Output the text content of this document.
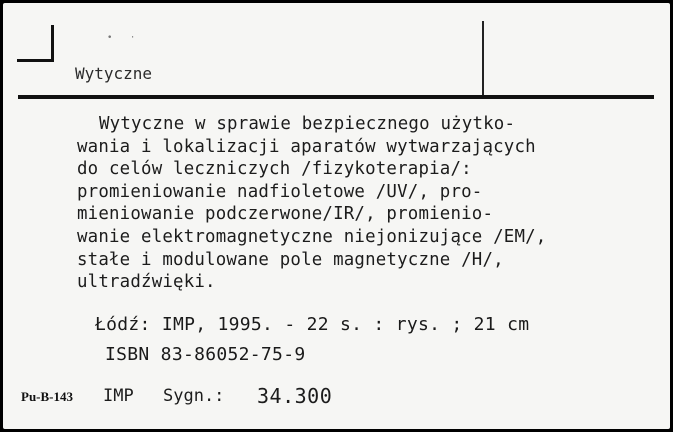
• ·
Wytyczne
Wytyczne w sprawie bezpiecznego użytko-
wania i lokalizacji aparatów wytwarzających
do celów leczniczych /fizykoterapia/:
promieniowanie nadfioletowe /UV/, pro-
mieniowanie podczerwone/IR/, promienio-
wanie elektromagnetyczne niejonizujące /EM/,
stałe i modulowane pole magnetyczne /H/,
ultradźwięki.
Łódź: IMP, 1995. - 22 s. : rys. ; 21 cm
ISBN 83-86052-75-9
Pu-B-143 IMP Sygn.: 34.300
